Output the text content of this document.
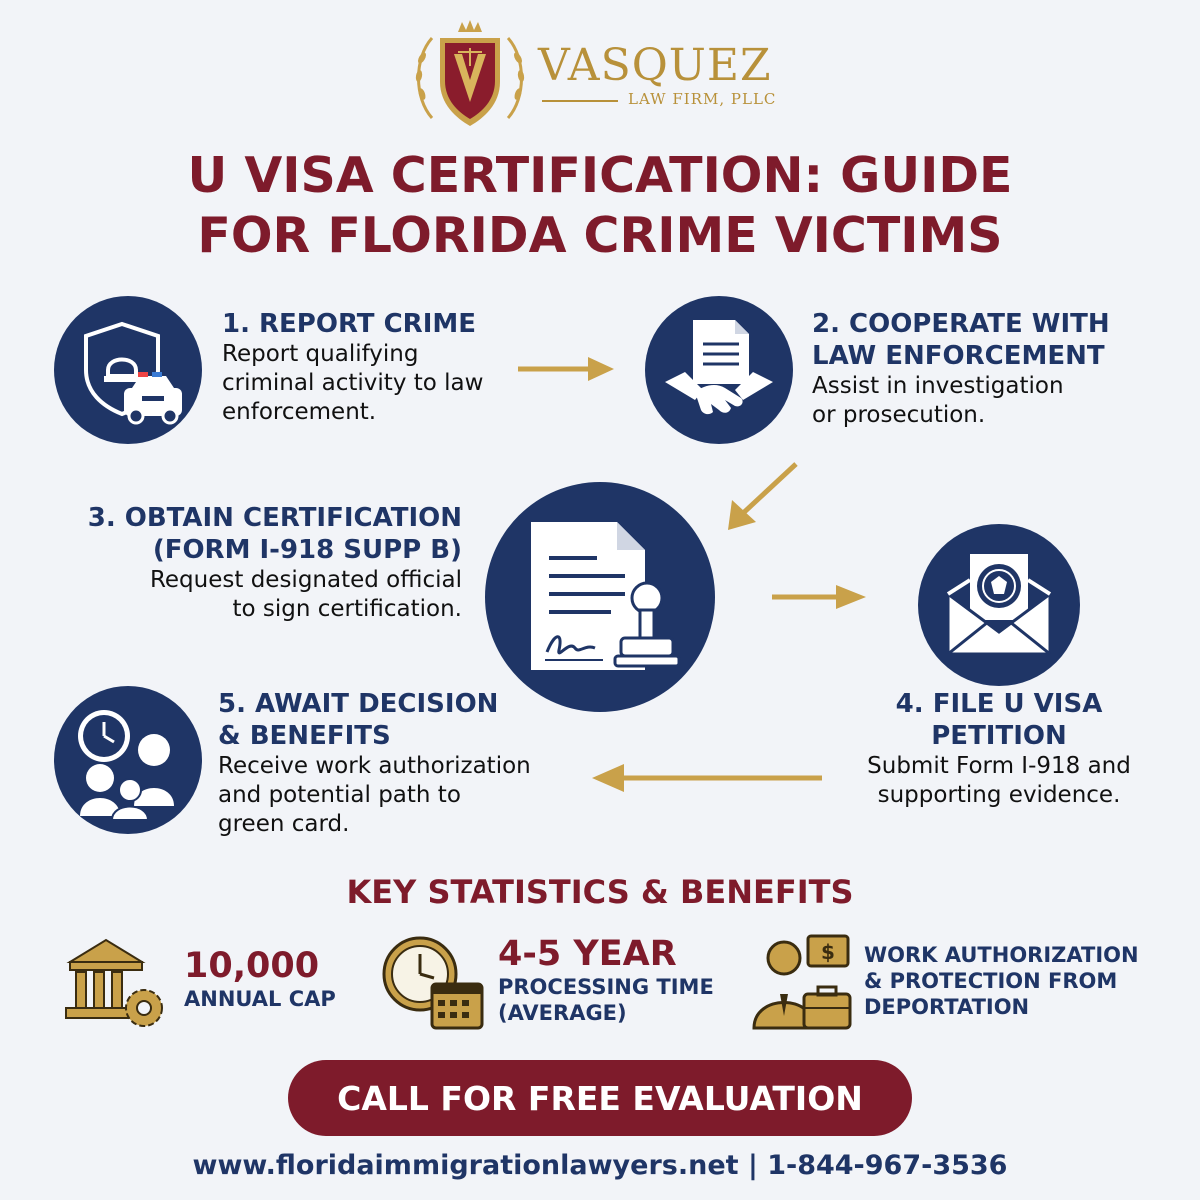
VASQUEZ
LAW FIRM, PLLC
U VISA CERTIFICATION: GUIDE
FOR FLORIDA CRIME VICTIMS

1. REPORT CRIME

Report qualifying

criminal activity to law

enforcement.

2. COOPERATE WITH

LAW ENFORCEMENT

Assist in investigation

or prosecution.

3. OBTAIN CERTIFICATION

(FORM I-918 SUPP B)

Request designated official

to sign certification.

4. FILE U VISA

PETITION

Submit Form I-918 and

supporting evidence.

5. AWAIT DECISION

& BENEFITS

Receive work authorization

and potential path to

green card.

KEY STATISTICS & BENEFITS

10,000

ANNUAL CAP

4-5 YEAR

PROCESSING TIME

(AVERAGE)

$ WORK AUTHORIZATION

& PROTECTION FROM

DEPORTATION

CALL FOR FREE EVALUATION
www.floridaimmigrationlawyers.net | 1-844-967-3536
